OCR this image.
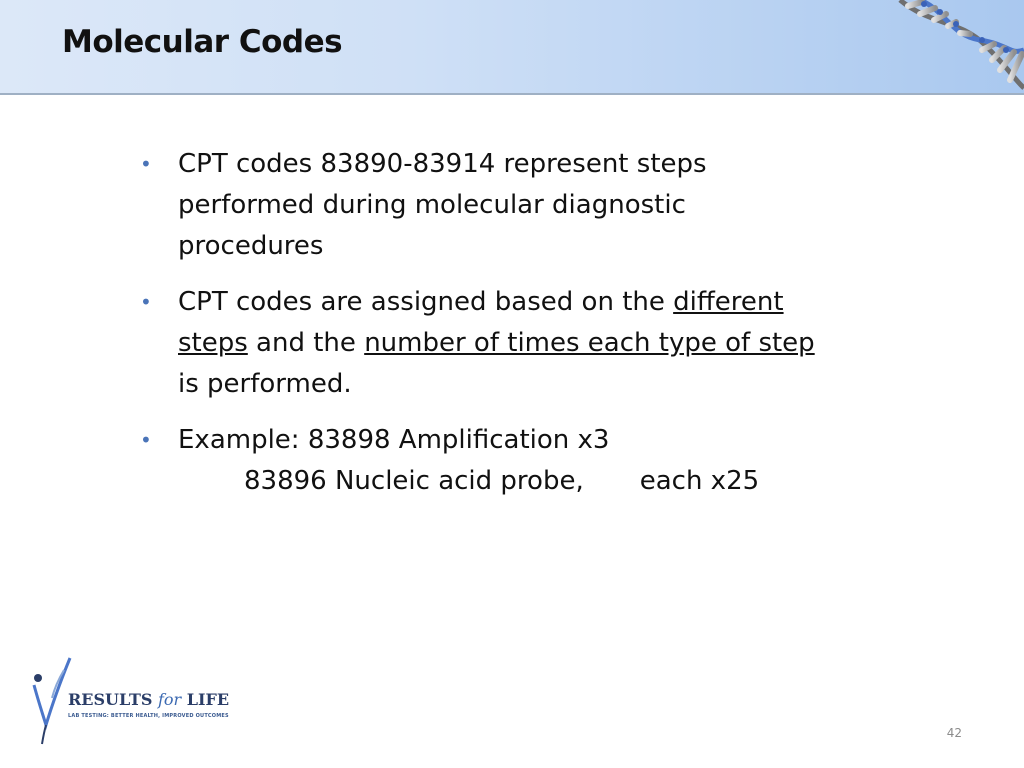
Molecular Codes
• CPT codes 83890-83914 represent steps
performed during molecular diagnostic
procedures
• CPT codes are assigned based on the different
steps and the number of times each type of step
is performed.
• Example: 83898 Amplification x3
83896 Nucleic acid probe, each x25
RESULTS for LIFE
LAB TESTING: BETTER HEALTH, IMPROVED OUTCOMES
42
